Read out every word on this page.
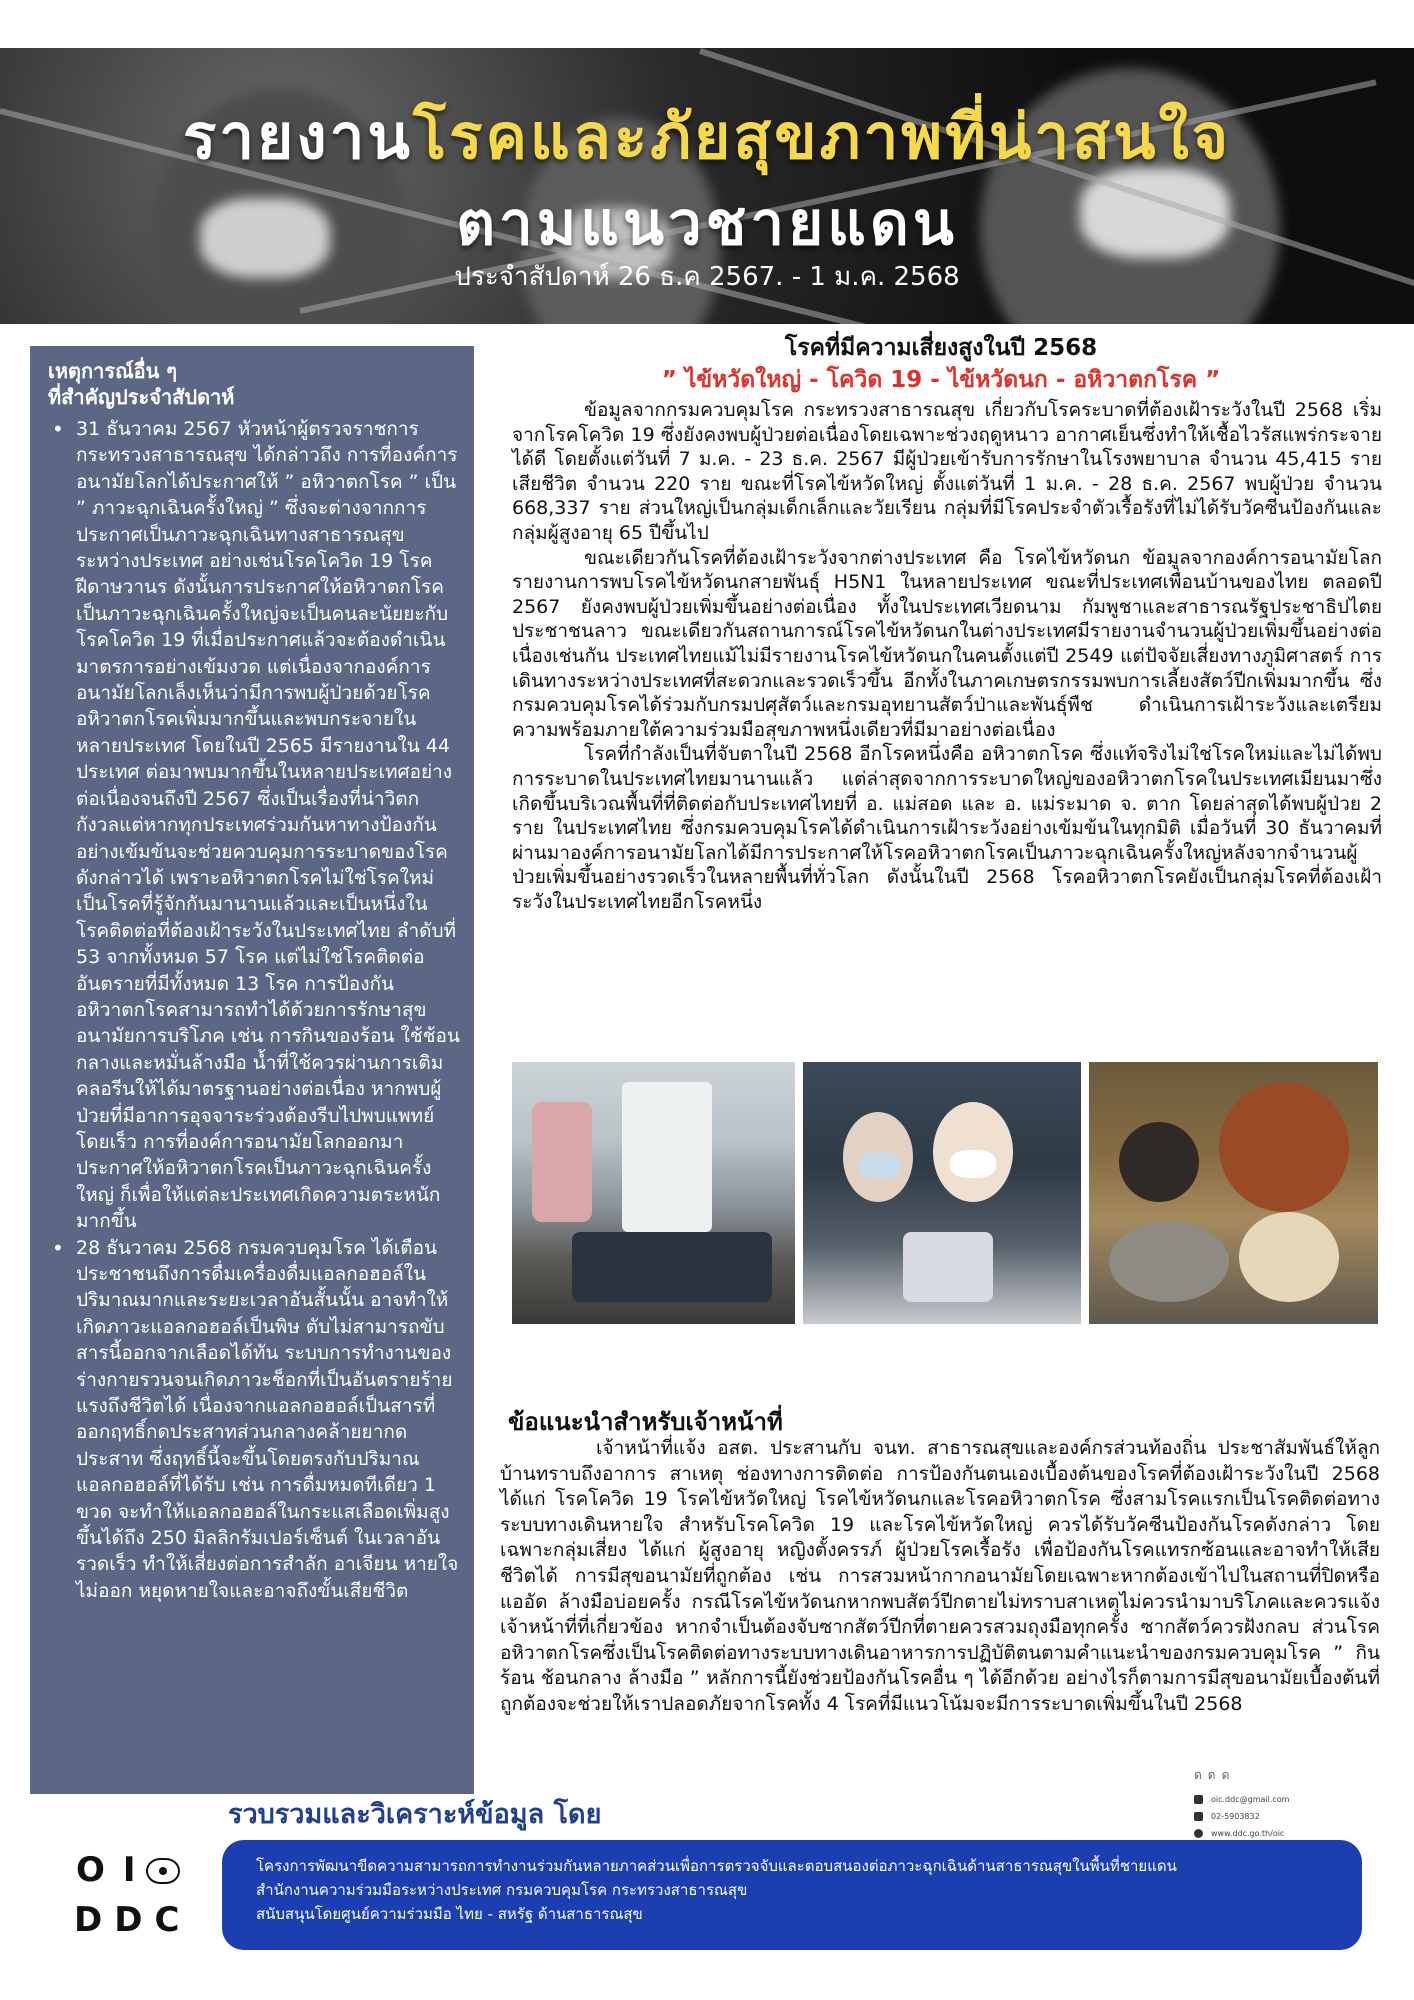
รายงานโรคและภัยสุขภาพที่น่าสนใจ
ตามแนวชายแดน
ประจำสัปดาห์ 26 ธ.ค 2567. - 1 ม.ค. 2568
เหตุการณ์อื่น ๆ
ที่สำคัญประจำสัปดาห์
• 31 ธันวาคม 2567 หัวหน้าผู้ตรวจราชการกระทรวงสาธารณสุข ได้กล่าวถึง การที่องค์การอนามัยโลกได้ประกาศให้ ” อหิวาตกโรค ” เป็น ” ภาวะฉุกเฉินครั้งใหญ่ ” ซึ่งจะต่างจากการประกาศเป็นภาวะฉุกเฉินทางสาธารณสุขระหว่างประเทศ อย่างเช่นโรคโควิด 19 โรคฝีดาษวานร ดังนั้นการประกาศให้อหิวาตกโรคเป็นภาวะฉุกเฉินครั้งใหญ่จะเป็นคนละนัยยะกับโรคโควิด 19 ที่เมื่อประกาศแล้วจะต้องดำเนินมาตรการอย่างเข้มงวด แต่เนื่องจากองค์การอนามัยโลกเล็งเห็นว่ามีการพบผู้ป่วยด้วยโรคอหิวาตกโรคเพิ่มมากขึ้นและพบกระจายในหลายประเทศ โดยในปี 2565 มีรายงานใน 44 ประเทศ ต่อมาพบมากขึ้นในหลายประเทศอย่างต่อเนื่องจนถึงปี 2567 ซึ่งเป็นเรื่องที่น่าวิตกกังวลแต่หากทุกประเทศร่วมกันหาทางป้องกันอย่างเข้มข้นจะช่วยควบคุมการระบาดของโรคดังกล่าวได้ เพราะอหิวาตกโรคไม่ใช่โรคใหม่เป็นโรคที่รู้จักกันมานานแล้วและเป็นหนึ่งในโรคติดต่อที่ต้องเฝ้าระวังในประเทศไทย ลำดับที่ 53 จากทั้งหมด 57 โรค แต่ไม่ใช่โรคติดต่ออันตรายที่มีทั้งหมด 13 โรค การป้องกันอหิวาตกโรคสามารถทำได้ด้วยการรักษาสุขอนามัยการบริโภค เช่น การกินของร้อน ใช้ช้อนกลางและหมั่นล้างมือ น้ำที่ใช้ควรผ่านการเติมคลอรีนให้ได้มาตรฐานอย่างต่อเนื่อง หากพบผู้ป่วยที่มีอาการอุจจาระร่วงต้องรีบไปพบแพทย์โดยเร็ว การที่องค์การอนามัยโลกออกมาประกาศให้อหิวาตกโรคเป็นภาวะฉุกเฉินครั้งใหญ่ ก็เพื่อให้แต่ละประเทศเกิดความตระหนักมากขึ้น
• 28 ธันวาคม 2568 กรมควบคุมโรค ได้เตือนประชาชนถึงการดื่มเครื่องดื่มแอลกอฮอล์ในปริมาณมากและระยะเวลาอันสั้นนั้น อาจทำให้เกิดภาวะแอลกอฮอล์เป็นพิษ ตับไม่สามารถขับสารนี้ออกจากเลือดได้ทัน ระบบการทำงานของร่างกายรวนจนเกิดภาวะช็อกที่เป็นอันตรายร้ายแรงถึงชีวิตได้ เนื่องจากแอลกอฮอล์เป็นสารที่ออกฤทธิ์กดประสาทส่วนกลางคล้ายยากดประสาท ซึ่งฤทธิ์นี้จะขึ้นโดยตรงกับปริมาณแอลกอฮอล์ที่ได้รับ เช่น การดื่มหมดทีเดียว 1 ขวด จะทำให้แอลกอฮอล์ในกระแสเลือดเพิ่มสูงขึ้นได้ถึง 250 มิลลิกรัมเปอร์เซ็นต์ ในเวลาอันรวดเร็ว ทำให้เสี่ยงต่อการสำลัก อาเจียน หายใจไม่ออก หยุดหายใจและอาจถึงขั้นเสียชีวิต
โรคที่มีความเสี่ยงสูงในปี 2568
” ไข้หวัดใหญ่ - โควิด 19 - ไข้หวัดนก - อหิวาตกโรค ”

ข้อมูลจากกรมควบคุมโรค กระทรวงสาธารณสุข เกี่ยวกับโรคระบาดที่ต้องเฝ้าระวังในปี 2568 เริ่มจากโรคโควิด 19 ซึ่งยังคงพบผู้ป่วยต่อเนื่องโดยเฉพาะช่วงฤดูหนาว อากาศเย็นซึ่งทำให้เชื้อไวรัสแพร่กระจายได้ดี โดยตั้งแต่วันที่ 7 ม.ค. - 23 ธ.ค. 2567 มีผู้ป่วยเข้ารับการรักษาในโรงพยาบาล จำนวน 45,415 ราย เสียชีวิต จำนวน 220 ราย ขณะที่โรคไข้หวัดใหญ่ ตั้งแต่วันที่ 1 ม.ค. - 28 ธ.ค. 2567 พบผู้ป่วย จำนวน 668,337 ราย ส่วนใหญ่เป็นกลุ่มเด็กเล็กและวัยเรียน กลุ่มที่มีโรคประจำตัวเรื้อรังที่ไม่ได้รับวัคซีนป้องกันและกลุ่มผู้สูงอายุ 65 ปีขึ้นไป

ขณะเดียวกันโรคที่ต้องเฝ้าระวังจากต่างประเทศ คือ โรคไข้หวัดนก ข้อมูลจากองค์การอนามัยโลกรายงานการพบโรคไข้หวัดนกสายพันธุ์ H5N1 ในหลายประเทศ ขณะที่ประเทศเพื่อนบ้านของไทย ตลอดปี 2567 ยังคงพบผู้ป่วยเพิ่มขึ้นอย่างต่อเนื่อง ทั้งในประเทศเวียดนาม กัมพูชาและสาธารณรัฐประชาธิปไตยประชาชนลาว ขณะเดียวกันสถานการณ์โรคไข้หวัดนกในต่างประเทศมีรายงานจำนวนผู้ป่วยเพิ่มขึ้นอย่างต่อเนื่องเช่นกัน ประเทศไทยแม้ไม่มีรายงานโรคไข้หวัดนกในคนตั้งแต่ปี 2549 แต่ปัจจัยเสี่ยงทางภูมิศาสตร์ การเดินทางระหว่างประเทศที่สะดวกและรวดเร็วขึ้น อีกทั้งในภาคเกษตรกรรมพบการเลี้ยงสัตว์ปีกเพิ่มมากขึ้น ซึ่งกรมควบคุมโรคได้ร่วมกับกรมปศุสัตว์และกรมอุทยานสัตว์ป่าและพันธุ์พืช ดำเนินการเฝ้าระวังและเตรียมความพร้อมภายใต้ความร่วมมือสุขภาพหนึ่งเดียวที่มีมาอย่างต่อเนื่อง

โรคที่กำลังเป็นที่จับตาในปี 2568 อีกโรคหนึ่งคือ อหิวาตกโรค ซึ่งแท้จริงไม่ใช่โรคใหม่และไม่ได้พบการระบาดในประเทศไทยมานานแล้ว แต่ล่าสุดจากการระบาดใหญ่ของอหิวาตกโรคในประเทศเมียนมาซึ่งเกิดขึ้นบริเวณพื้นที่ที่ติดต่อกับประเทศไทยที่ อ. แม่สอด และ อ. แม่ระมาด จ. ตาก โดยล่าสุดได้พบผู้ป่วย 2 ราย ในประเทศไทย ซึ่งกรมควบคุมโรคได้ดำเนินการเฝ้าระวังอย่างเข้มข้นในทุกมิติ เมื่อวันที่ 30 ธันวาคมที่ผ่านมาองค์การอนามัยโลกได้มีการประกาศให้โรคอหิวาตกโรคเป็นภาวะฉุกเฉินครั้งใหญ่หลังจากจำนวนผู้ป่วยเพิ่มขึ้นอย่างรวดเร็วในหลายพื้นที่ทั่วโลก ดังนั้นในปี 2568 โรคอหิวาตกโรคยังเป็นกลุ่มโรคที่ต้องเฝ้าระวังในประเทศไทยอีกโรคหนึ่ง

ข้อแนะนำสำหรับเจ้าหน้าที่

เจ้าหน้าที่แจ้ง อสต. ประสานกับ จนท. สาธารณสุขและองค์กรส่วนท้องถิ่น ประชาสัมพันธ์ให้ลูกบ้านทราบถึงอาการ สาเหตุ ช่องทางการติดต่อ การป้องกันตนเองเบื้องต้นของโรคที่ต้องเฝ้าระวังในปี 2568 ได้แก่ โรคโควิด 19 โรคไข้หวัดใหญ่ โรคไข้หวัดนกและโรคอหิวาตกโรค ซึ่งสามโรคแรกเป็นโรคติดต่อทางระบบทางเดินหายใจ สำหรับโรคโควิด 19 และโรคไข้หวัดใหญ่ ควรได้รับวัคซีนป้องกันโรคดังกล่าว โดยเฉพาะกลุ่มเสี่ยง ได้แก่ ผู้สูงอายุ หญิงตั้งครรภ์ ผู้ป่วยโรคเรื้อรัง เพื่อป้องกันโรคแทรกซ้อนและอาจทำให้เสียชีวิตได้ การมีสุขอนามัยที่ถูกต้อง เช่น การสวมหน้ากากอนามัยโดยเฉพาะหากต้องเข้าไปในสถานที่ปิดหรือแออัด ล้างมือบ่อยครั้ง กรณีโรคไข้หวัดนกหากพบสัตว์ปีกตายไม่ทราบสาเหตุไม่ควรนำมาบริโภคและควรแจ้งเจ้าหน้าที่ที่เกี่ยวข้อง หากจำเป็นต้องจับซากสัตว์ปีกที่ตายควรสวมถุงมือทุกครั้ง ซากสัตว์ควรฝังกลบ ส่วนโรคอหิวาตกโรคซึ่งเป็นโรคติดต่อทางระบบทางเดินอาหารการปฏิบัติตนตามคำแนะนำของกรมควบคุมโรค ” กินร้อน ช้อนกลาง ล้างมือ ” หลักการนี้ยังช่วยป้องกันโรคอื่น ๆ ได้อีกด้วย อย่างไรก็ตามการมีสุขอนามัยเบื้องต้นที่ถูกต้องจะช่วยให้เราปลอดภัยจากโรคทั้ง 4 โรคที่มีแนวโน้มจะมีการระบาดเพิ่มขึ้นในปี 2568

ดดด
oic.ddc@gmail.com
02-5903832
www.ddc.go.th/oic
รวบรวมและวิเคราะห์ข้อมูล โดย
OI
DDC
โครงการพัฒนาขีดความสามารถการทำงานร่วมกันหลายภาคส่วนเพื่อการตรวจจับและตอบสนองต่อภาวะฉุกเฉินด้านสาธารณสุขในพื้นที่ชายแดน
สำนักงานความร่วมมือระหว่างประเทศ กรมควบคุมโรค กระทรวงสาธารณสุข
สนับสนุนโดยศูนย์ความร่วมมือ ไทย - สหรัฐ ด้านสาธารณสุข
